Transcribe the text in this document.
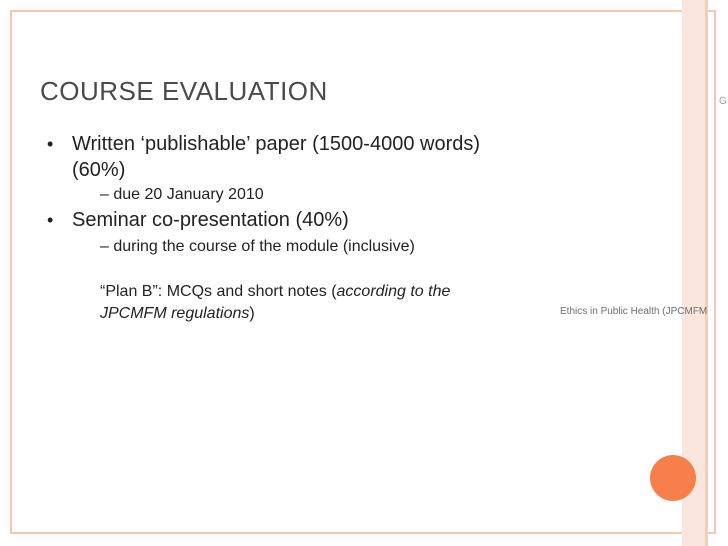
G
COURSE EVALUATION
• Written ‘publishable’ paper (1500-4000 words)
(60%)
– due 20 January 2010
• Seminar co-presentation (40%)
– during the course of the module (inclusive)
“Plan B”: MCQs and short notes (according to the
JPCMFM regulations)	Ethics in Public Health (JPCMFM
